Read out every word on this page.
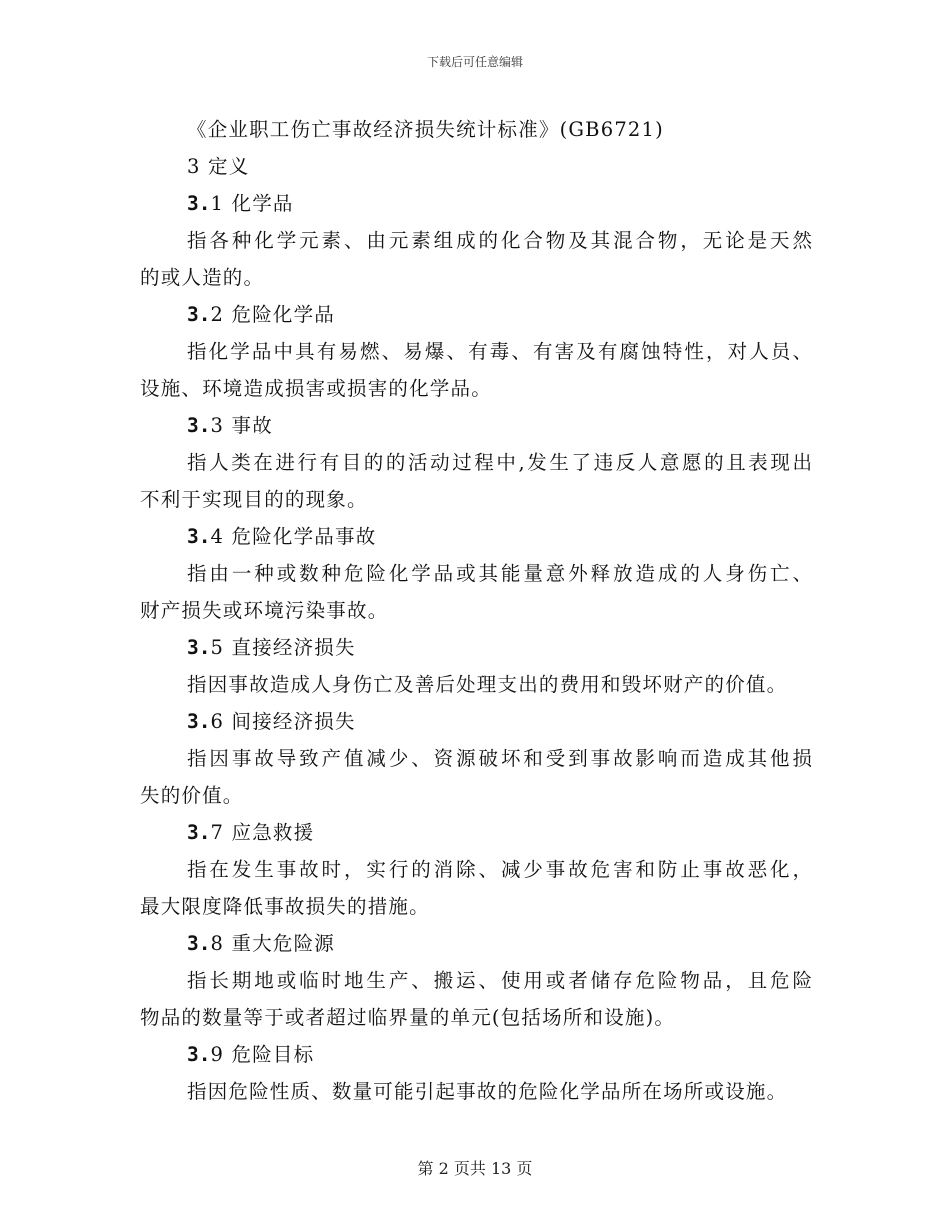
下载后可任意编辑
《企业职工伤亡事故经济损失统计标准》(GB6721)
3 定义
3.1 化学品
指各种化学元素、由元素组成的化合物及其混合物，无论是天然
的或人造的。
3.2 危险化学品
指化学品中具有易燃、易爆、有毒、有害及有腐蚀特性，对人员、
设施、环境造成损害或损害的化学品。
3.3 事故
指人类在进行有目的的活动过程中,发生了违反人意愿的且表现出
不利于实现目的的现象。
3.4 危险化学品事故
指由一种或数种危险化学品或其能量意外释放造成的人身伤亡、
财产损失或环境污染事故。
3.5 直接经济损失
指因事故造成人身伤亡及善后处理支出的费用和毁坏财产的价值。
3.6 间接经济损失
指因事故导致产值减少、资源破坏和受到事故影响而造成其他损
失的价值。
3.7 应急救援
指在发生事故时，实行的消除、减少事故危害和防止事故恶化，
最大限度降低事故损失的措施。
3.8 重大危险源
指长期地或临时地生产、搬运、使用或者储存危险物品，且危险
物品的数量等于或者超过临界量的单元(包括场所和设施)。
3.9 危险目标
指因危险性质、数量可能引起事故的危险化学品所在场所或设施。
第 2 页共 13 页
